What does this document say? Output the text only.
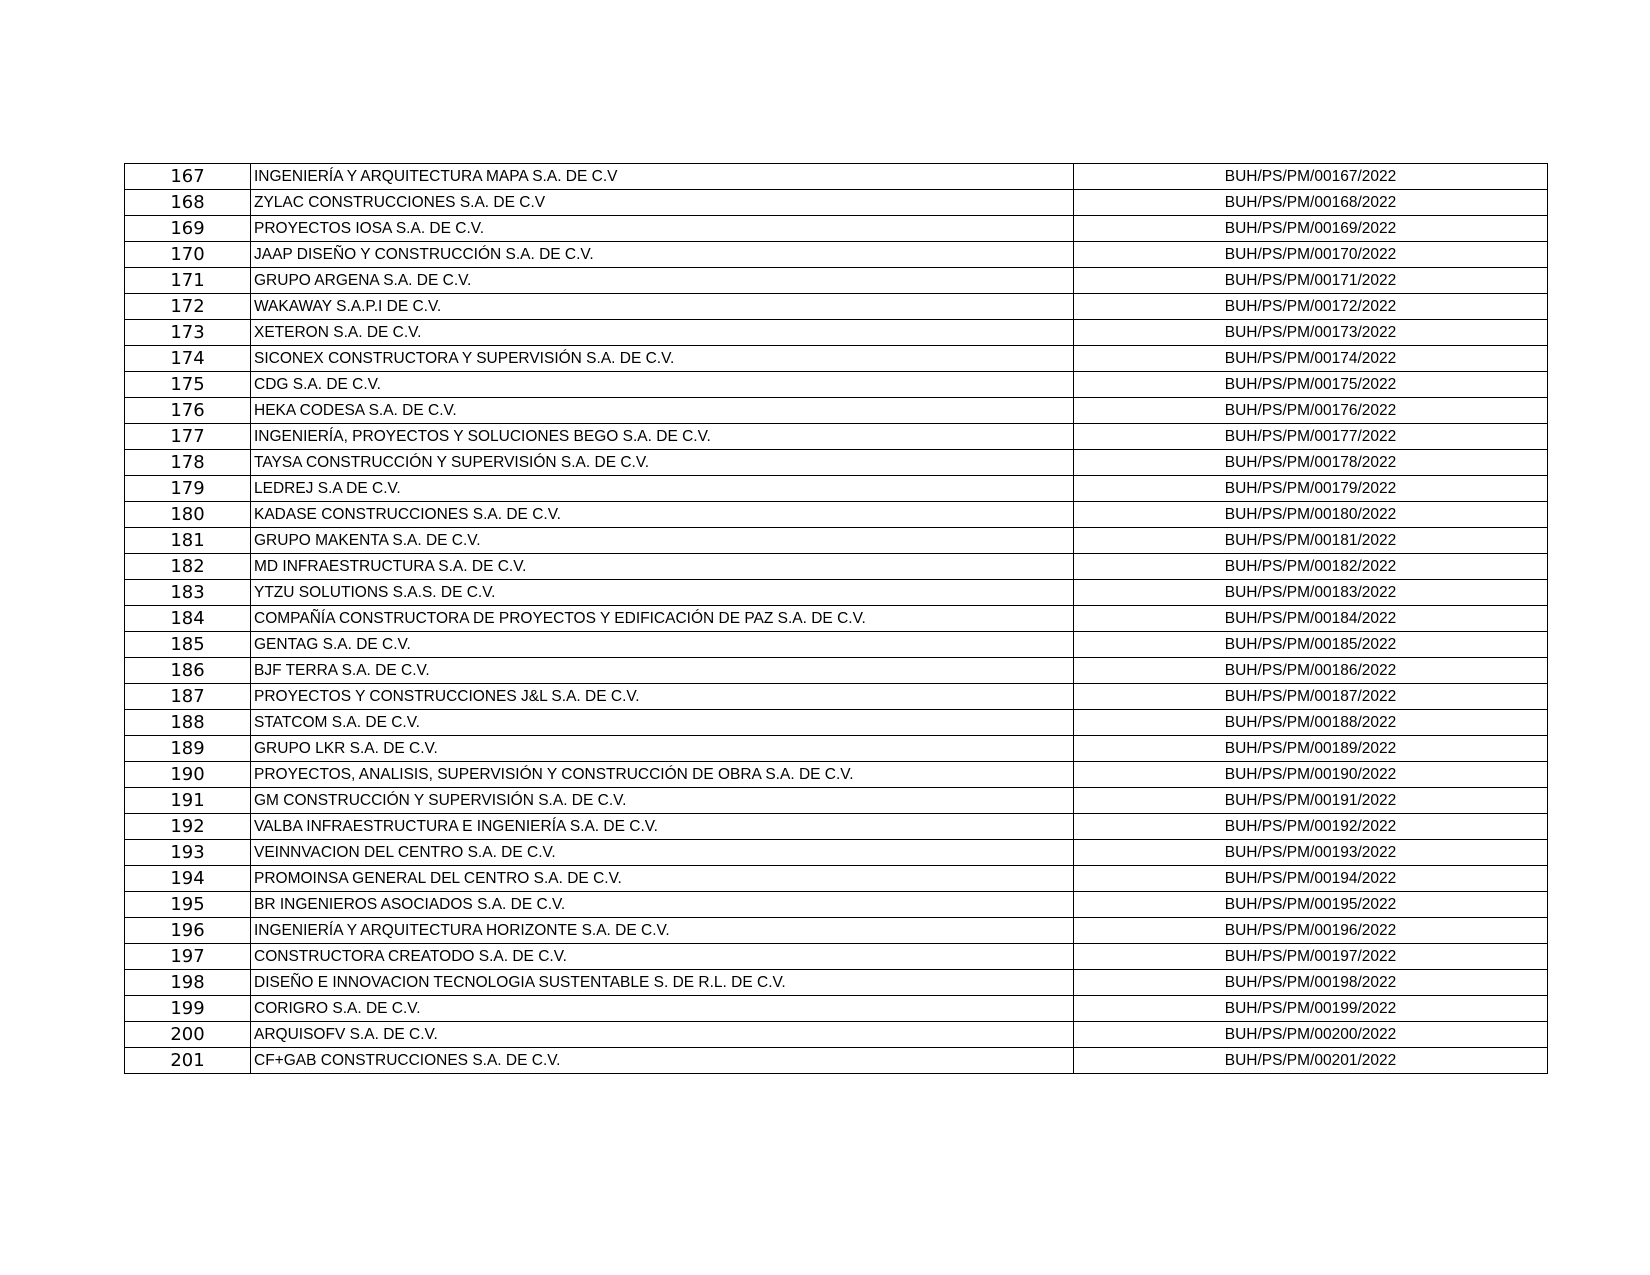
167	INGENIERÍA Y ARQUITECTURA MAPA S.A. DE C.V	BUH/PS/PM/00167/2022
168	ZYLAC CONSTRUCCIONES S.A. DE C.V	BUH/PS/PM/00168/2022
169	PROYECTOS IOSA S.A. DE C.V.	BUH/PS/PM/00169/2022
170	JAAP DISEÑO Y CONSTRUCCIÓN S.A. DE C.V.	BUH/PS/PM/00170/2022
171	GRUPO ARGENA S.A. DE C.V.	BUH/PS/PM/00171/2022
172	WAKAWAY S.A.P.I DE C.V.	BUH/PS/PM/00172/2022
173	XETERON S.A. DE C.V.	BUH/PS/PM/00173/2022
174	SICONEX CONSTRUCTORA Y SUPERVISIÓN S.A. DE C.V.	BUH/PS/PM/00174/2022
175	CDG S.A. DE C.V.	BUH/PS/PM/00175/2022
176	HEKA CODESA S.A. DE C.V.	BUH/PS/PM/00176/2022
177	INGENIERÍA, PROYECTOS Y SOLUCIONES BEGO S.A. DE C.V.	BUH/PS/PM/00177/2022
178	TAYSA CONSTRUCCIÓN Y SUPERVISIÓN S.A. DE C.V.	BUH/PS/PM/00178/2022
179	LEDREJ S.A DE C.V.	BUH/PS/PM/00179/2022
180	KADASE CONSTRUCCIONES S.A. DE C.V.	BUH/PS/PM/00180/2022
181	GRUPO MAKENTA S.A. DE C.V.	BUH/PS/PM/00181/2022
182	MD INFRAESTRUCTURA S.A. DE C.V.	BUH/PS/PM/00182/2022
183	YTZU SOLUTIONS S.A.S. DE C.V.	BUH/PS/PM/00183/2022
184	COMPAÑÍA CONSTRUCTORA DE PROYECTOS Y EDIFICACIÓN DE PAZ S.A. DE C.V.	BUH/PS/PM/00184/2022
185	GENTAG S.A. DE C.V.	BUH/PS/PM/00185/2022
186	BJF TERRA S.A. DE C.V.	BUH/PS/PM/00186/2022
187	PROYECTOS Y CONSTRUCCIONES J&L S.A. DE C.V.	BUH/PS/PM/00187/2022
188	STATCOM S.A. DE C.V.	BUH/PS/PM/00188/2022
189	GRUPO LKR S.A. DE C.V.	BUH/PS/PM/00189/2022
190	PROYECTOS, ANALISIS, SUPERVISIÓN Y CONSTRUCCIÓN DE OBRA S.A. DE C.V.	BUH/PS/PM/00190/2022
191	GM CONSTRUCCIÓN Y SUPERVISIÓN S.A. DE C.V.	BUH/PS/PM/00191/2022
192	VALBA INFRAESTRUCTURA E INGENIERÍA S.A. DE C.V.	BUH/PS/PM/00192/2022
193	VEINNVACION DEL CENTRO S.A. DE C.V.	BUH/PS/PM/00193/2022
194	PROMOINSA GENERAL DEL CENTRO S.A. DE C.V.	BUH/PS/PM/00194/2022
195	BR INGENIEROS ASOCIADOS S.A. DE C.V.	BUH/PS/PM/00195/2022
196	INGENIERÍA Y ARQUITECTURA HORIZONTE S.A. DE C.V.	BUH/PS/PM/00196/2022
197	CONSTRUCTORA CREATODO S.A. DE C.V.	BUH/PS/PM/00197/2022
198	DISEÑO E INNOVACION TECNOLOGIA SUSTENTABLE S. DE R.L. DE C.V.	BUH/PS/PM/00198/2022
199	CORIGRO S.A. DE C.V.	BUH/PS/PM/00199/2022
200	ARQUISOFV S.A. DE C.V.	BUH/PS/PM/00200/2022
201	CF+GAB CONSTRUCCIONES S.A. DE C.V.	BUH/PS/PM/00201/2022
